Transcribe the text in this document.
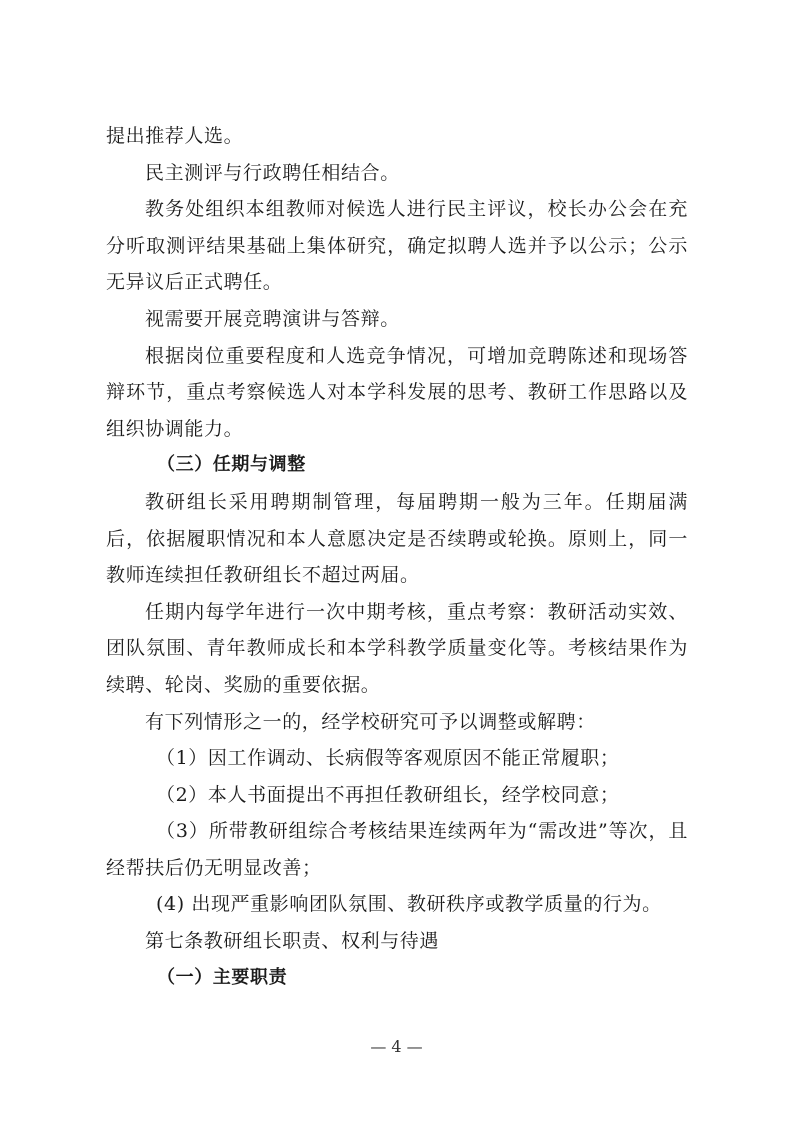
提出推荐人选。

民主测评与行政聘任相结合。

教务处组织本组教师对候选人进行民主评议，校长办公会在充分听取测评结果基础上集体研究，确定拟聘人选并予以公示；公示无异议后正式聘任。

视需要开展竞聘演讲与答辩。

根据岗位重要程度和人选竞争情况，可增加竞聘陈述和现场答辩环节，重点考察候选人对本学科发展的思考、教研工作思路以及组织协调能力。

（三）任期与调整

教研组长采用聘期制管理，每届聘期一般为三年。任期届满后，依据履职情况和本人意愿决定是否续聘或轮换。原则上，同一教师连续担任教研组长不超过两届。

任期内每学年进行一次中期考核，重点考察：教研活动实效、团队氛围、青年教师成长和本学科教学质量变化等。考核结果作为续聘、轮岗、奖励的重要依据。

有下列情形之一的，经学校研究可予以调整或解聘：

（1）因工作调动、长病假等客观原因不能正常履职；

（2）本人书面提出不再担任教研组长，经学校同意；

（3）所带教研组综合考核结果连续两年为“需改进”等次，且经帮扶后仍无明显改善；

(4) 出现严重影响团队氛围、教研秩序或教学质量的行为。

第七条教研组长职责、权利与待遇

（一）主要职责

— 4 —
